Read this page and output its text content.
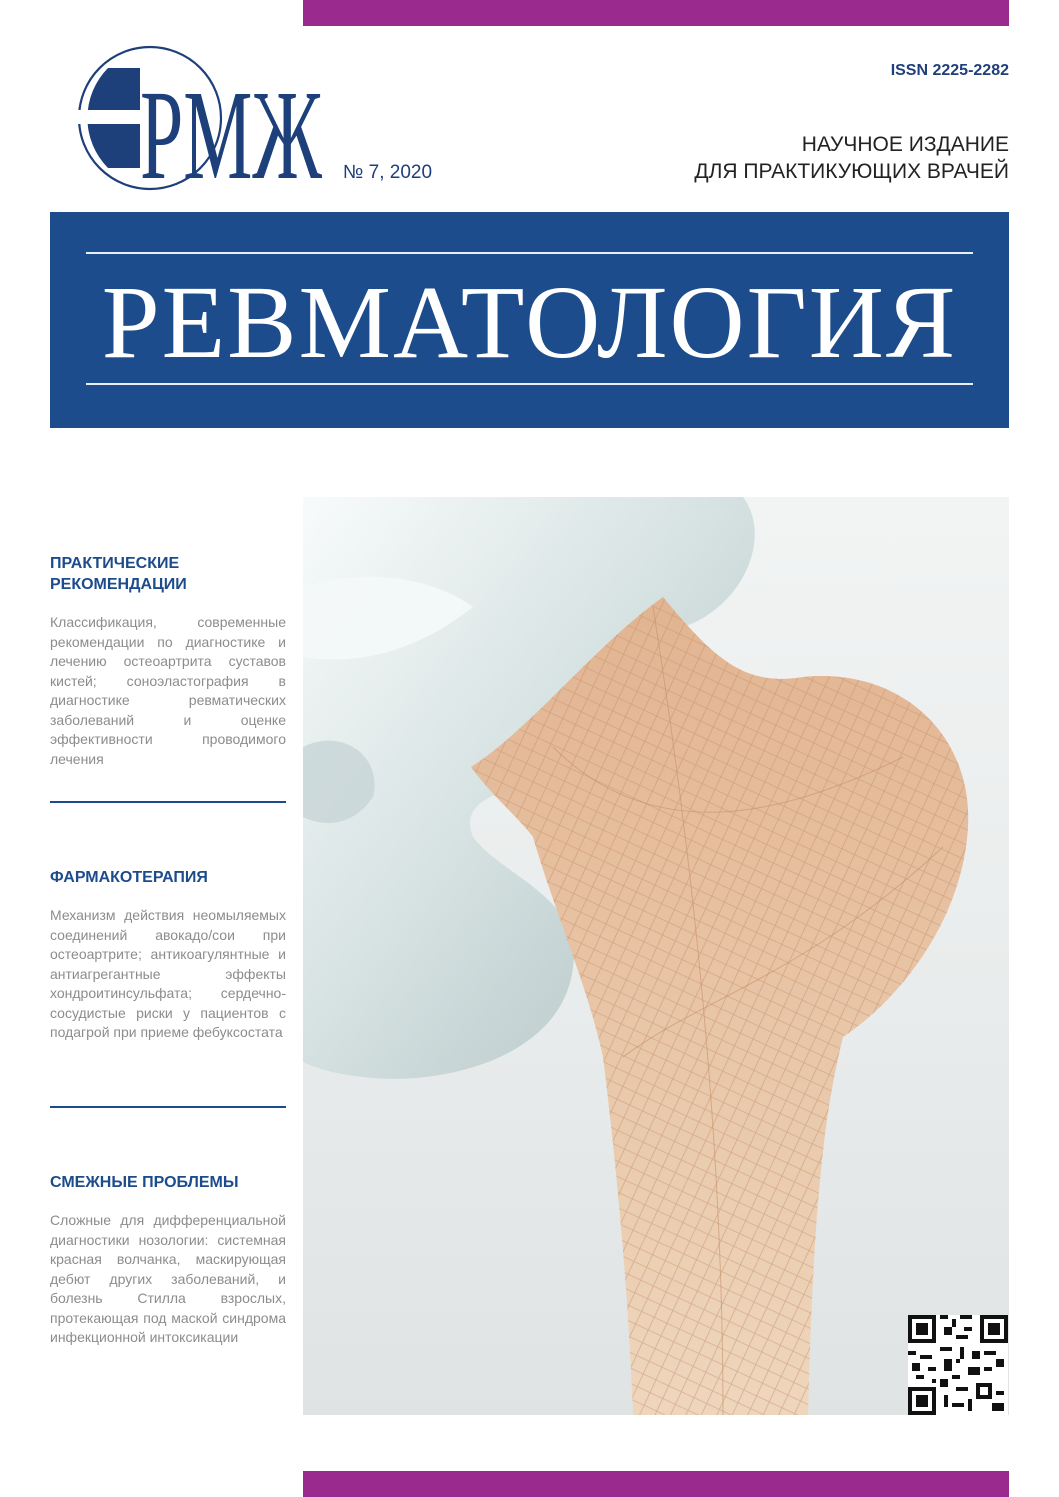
РМЖ № 7, 2020
ISSN 2225-2282
НАУЧНОЕ ИЗДАНИЕ
ДЛЯ ПРАКТИКУЮЩИХ ВРАЧЕЙ
РЕВМАТОЛОГИЯ

ПРАКТИЧЕСКИЕ РЕКОМЕНДАЦИИ

Классификация, современные рекомендации по диагностике и лечению остеоартрита суставов кистей; соноэластография в диагностике ревматических заболеваний и оценке эффективности проводимого лечения

ФАРМАКОТЕРАПИЯ

Механизм действия неомыляемых соединений авокадо/сои при остеоартрите; антикоагулянтные и антиагрегантные эффекты хондроитинсульфата; сердечно-сосудистые риски у пациентов с подагрой при приеме фебуксостата

СМЕЖНЫЕ ПРОБЛЕМЫ

Сложные для дифференциальной диагностики нозологии: системная красная волчанка, маскирующая дебют других заболеваний, и болезнь Стилла взрослых, протекающая под маской синдрома инфекционной интоксикации
